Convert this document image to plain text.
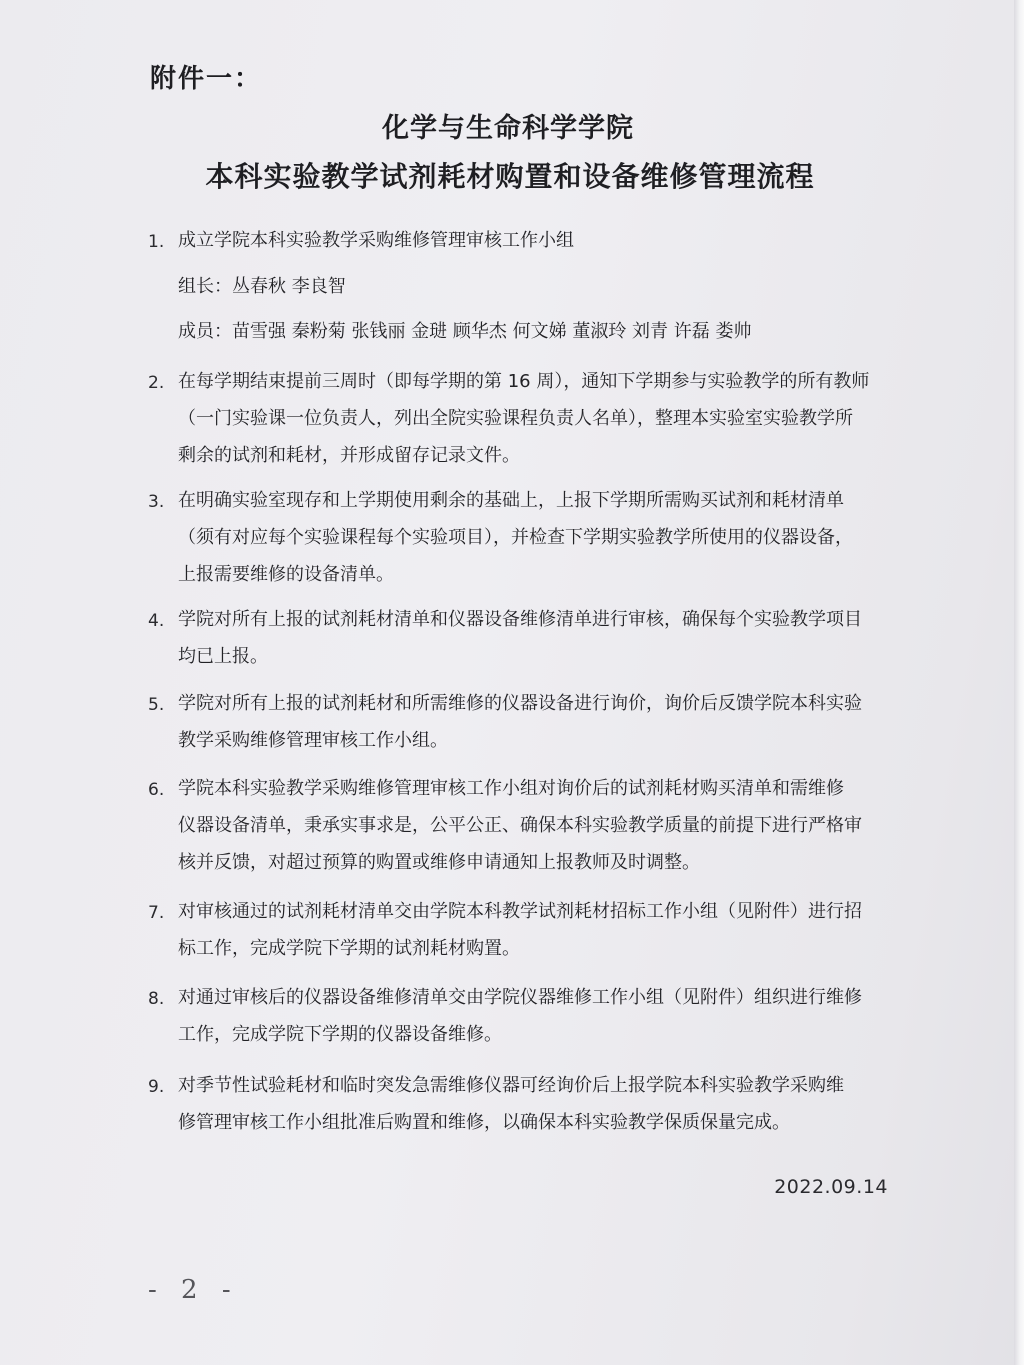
附件一：
化学与生命科学学院
本科实验教学试剂耗材购置和设备维修管理流程
1. 成立学院本科实验教学采购维修管理审核工作小组

组长：丛春秋 李良智
成员：苗雪强 秦粉菊 张钱丽 金琎 顾华杰 何文娣 董淑玲 刘青 许磊 娄帅
2. 在每学期结束提前三周时（即每学期的第 16 周），通知下学期参与实验教学的所有教师

（一门实验课一位负责人，列出全院实验课程负责人名单），整理本实验室实验教学所

剩余的试剂和耗材，并形成留存记录文件。

3. 在明确实验室现存和上学期使用剩余的基础上，上报下学期所需购买试剂和耗材清单

（须有对应每个实验课程每个实验项目），并检查下学期实验教学所使用的仪器设备，

上报需要维修的设备清单。

4. 学院对所有上报的试剂耗材清单和仪器设备维修清单进行审核，确保每个实验教学项目

均已上报。

5. 学院对所有上报的试剂耗材和所需维修的仪器设备进行询价，询价后反馈学院本科实验

教学采购维修管理审核工作小组。

6. 学院本科实验教学采购维修管理审核工作小组对询价后的试剂耗材购买清单和需维修

仪器设备清单，秉承实事求是，公平公正、确保本科实验教学质量的前提下进行严格审

核并反馈，对超过预算的购置或维修申请通知上报教师及时调整。

7. 对审核通过的试剂耗材清单交由学院本科教学试剂耗材招标工作小组（见附件）进行招

标工作，完成学院下学期的试剂耗材购置。

8. 对通过审核后的仪器设备维修清单交由学院仪器维修工作小组（见附件）组织进行维修

工作，完成学院下学期的仪器设备维修。

9. 对季节性试验耗材和临时突发急需维修仪器可经询价后上报学院本科实验教学采购维

修管理审核工作小组批准后购置和维修，以确保本科实验教学保质保量完成。

2022.09.14
- 2 -
